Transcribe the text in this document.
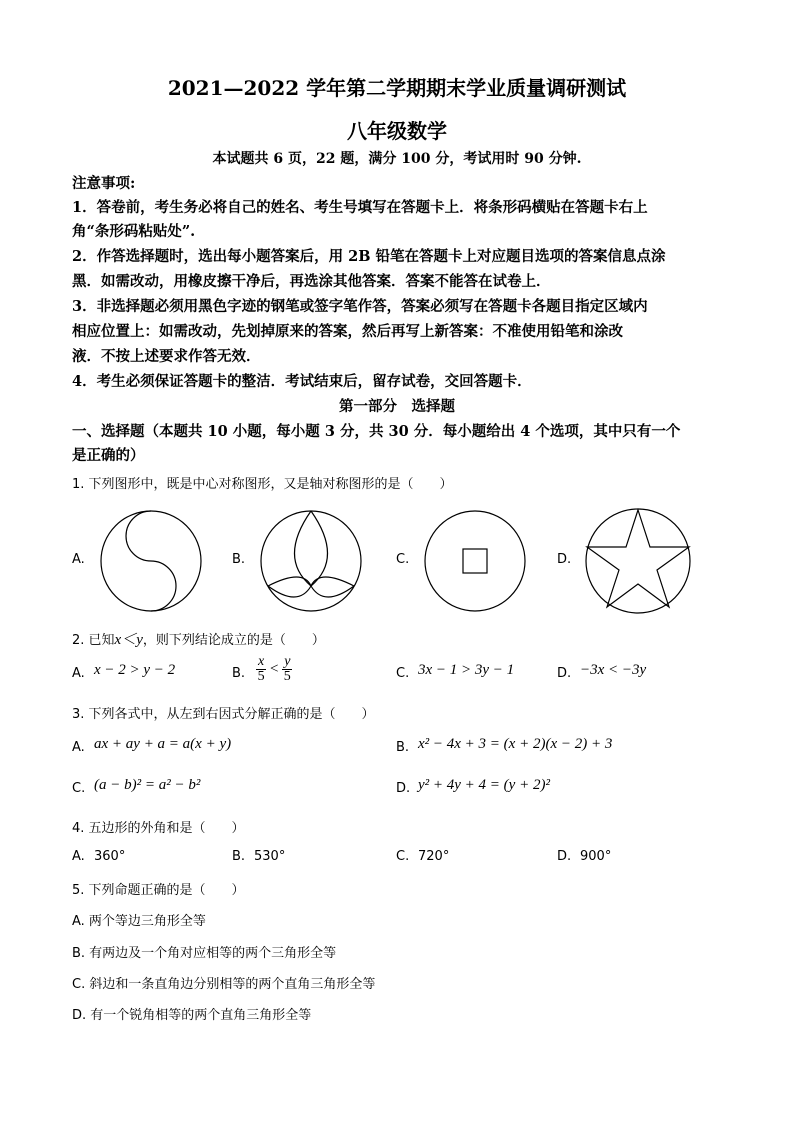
2021—2022 学年第二学期期末学业质量调研测试
八年级数学
本试题共 6 页，22 题，满分 100 分，考试用时 90 分钟.
注意事项:
1．答卷前，考生务必将自己的姓名、考生号填写在答题卡上．将条形码横贴在答题卡右上
角“条形码粘贴处”.
2．作答选择题时，选出每小题答案后，用 2B 铅笔在答题卡上对应题目选项的答案信息点涂
黑．如需改动，用橡皮擦干净后，再选涂其他答案．答案不能答在试卷上．
3．非选择题必须用黑色字迹的钢笔或签字笔作答，答案必须写在答题卡各题目指定区域内
相应位置上：如需改动，先划掉原来的答案，然后再写上新答案：不准使用铅笔和涂改
液．不按上述要求作答无效．
4．考生必须保证答题卡的整洁．考试结束后，留存试卷，交回答题卡．
第一部分　选择题
一、选择题（本题共 10 小题，每小题 3 分，共 30 分．每小题给出 4 个选项，其中只有一个
是正确的）
1. 下列图形中，既是中心对称图形，又是轴对称图形的是（　　）
A.	B.	C.	D.
2. 已知x＜y，则下列结论成立的是（　　）
A. x − 2 > y − 2	B. $\frac{x}{5} < \frac{y}{5}$	C. 3x − 1 > 3y − 1	D. −3x < −3y
3. 下列各式中，从左到右因式分解正确的是（　　）
A. ax + ay + a = a(x + y)	B. x² − 4x + 3 = (x + 2)(x − 2) + 3
C. (a − b)² = a² − b²	D. y² + 4y + 4 = (y + 2)²
4. 五边形的外角和是（　　）
A. 360°	B. 530°	C. 720°	D. 900°
5. 下列命题正确的是（　　）
A. 两个等边三角形全等
B. 有两边及一个角对应相等的两个三角形全等
C. 斜边和一条直角边分别相等的两个直角三角形全等
D. 有一个锐角相等的两个直角三角形全等
